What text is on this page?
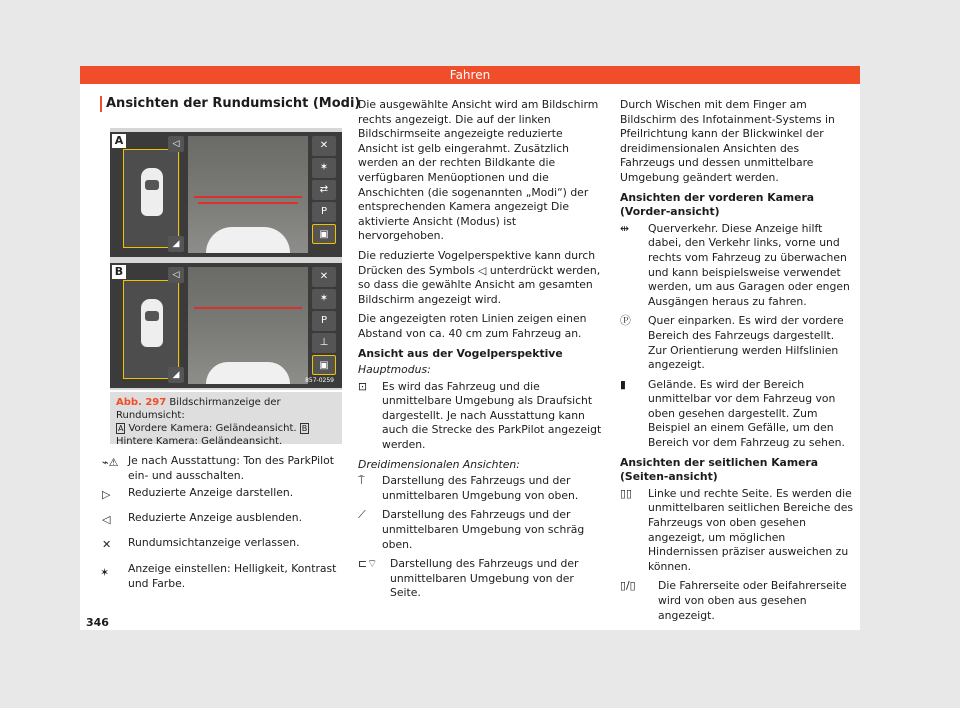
Fahren
Ansichten der Rundumsicht (Modi)
A	◁
◢
✕
✶
⇄
P
▣
B	◁
◢
✕
✶
P
⊥
▣
857-0259
Abb. 297 Bildschirmanzeige der Rundumsicht:
A Vordere Kamera: Geländeansicht. BHintere Kamera: Geländeansicht.
⌁⚠ Je nach Ausstattung: Ton des ParkPilot ein- und ausschalten.
▷ Reduzierte Anzeige darstellen.
◁ Reduzierte Anzeige ausblenden.
✕ Rundumsichtanzeige verlassen.
✶ Anzeige einstellen: Helligkeit, Kontrast und Farbe.

Die ausgewählte Ansicht wird am Bildschirm rechts angezeigt. Die auf der linken Bildschirmseite angezeigte reduzierte Ansicht ist gelb eingerahmt. Zusätzlich werden an der rechten Bildkante die verfügbaren Menüoptionen und die Anschichten (die sogenannten „Modi“) der entsprechenden Kamera angezeigt Die aktivierte Ansicht (Modus) ist hervorgehoben.

Die reduzierte Vogelperspektive kann durch Drücken des Symbols ◁ unterdrückt werden, so dass die gewählte Ansicht am gesamten Bildschirm angezeigt wird.

Die angezeigten roten Linien zeigen einen Abstand von ca. 40 cm zum Fahrzeug an.

Ansicht aus der Vogelperspektive

Hauptmodus:

⊡ Es wird das Fahrzeug und die unmittelbare Umgebung als Draufsicht dargestellt. Je nach Ausstattung kann auch die Strecke des ParkPilot angezeigt werden.

Dreidimensionalen Ansichten:

⍑ Darstellung des Fahrzeugs und der unmittelbaren Umgebung von oben.
⟋ Darstellung des Fahrzeugs und der unmittelbaren Umgebung von schräg oben.
⊏⌔ Darstellung des Fahrzeugs und der unmittelbaren Umgebung von der Seite.

Durch Wischen mit dem Finger am Bildschirm des Infotainment-Systems in Pfeilrichtung kann der Blickwinkel der dreidimensionalen Ansichten des Fahrzeugs und dessen unmittelbare Umgebung geändert werden.

Ansichten der vorderen Kamera (Vorder-ansicht)

⇹ Querverkehr. Diese Anzeige hilft dabei, den Verkehr links, vorne und rechts vom Fahrzeug zu überwachen und kann beispielsweise verwendet werden, um aus Garagen oder engen Ausgängen heraus zu fahren.
Ⓟ Quer einparken. Es wird der vordere Bereich des Fahrzeugs dargestellt. Zur Orientierung werden Hilfslinien angezeigt.
▮ Gelände. Es wird der Bereich unmittelbar vor dem Fahrzeug von oben gesehen dargestellt. Zum Beispiel an einem Gefälle, um den Bereich vor dem Fahrzeug zu sehen.

Ansichten der seitlichen Kamera (Seiten-ansicht)

▯▯ Linke und rechte Seite. Es werden die unmittelbaren seitlichen Bereiche des Fahrzeugs von oben gesehen angezeigt, um möglichen Hindernissen präziser ausweichen zu können.
▯/▯ Die Fahrerseite oder Beifahrerseite wird von oben aus gesehen angezeigt.
346
